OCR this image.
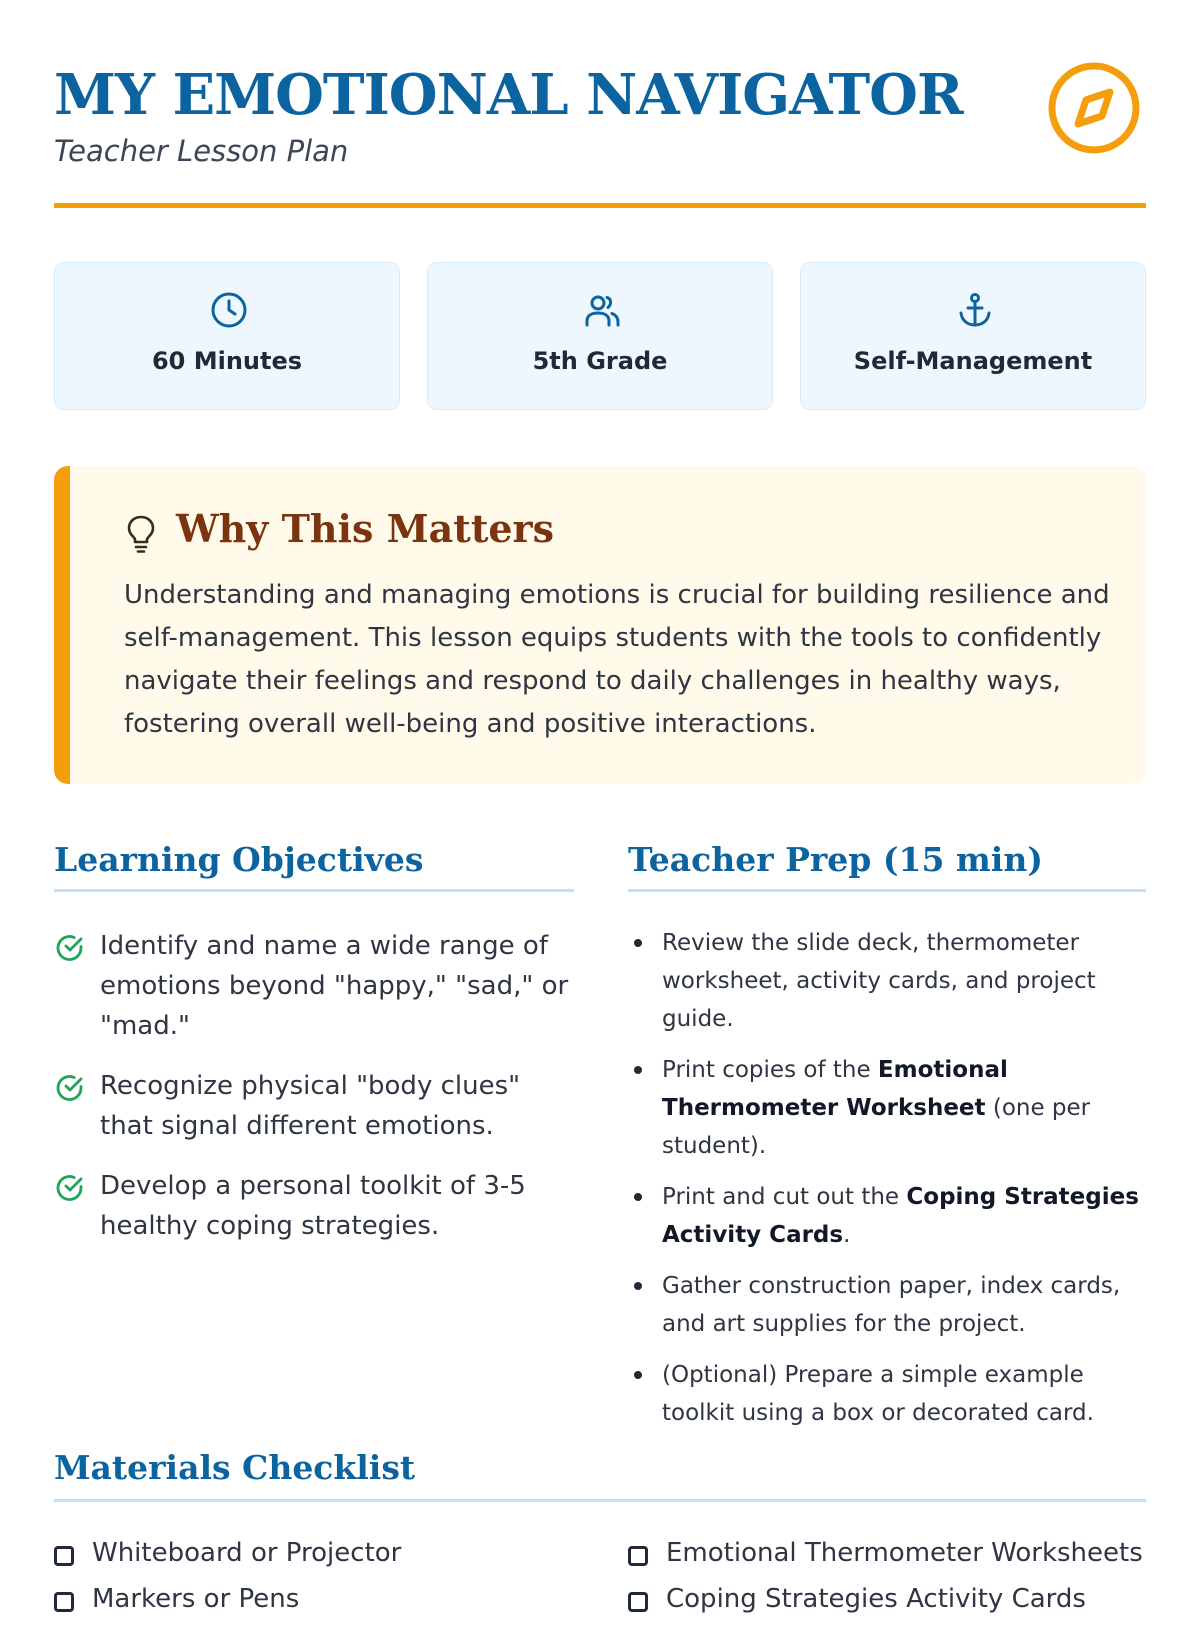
MY EMOTIONAL NAVIGATOR

Teacher Lesson Plan

60 Minutes	5th Grade	Self-Management
Why This Matters

Understanding and managing emotions is crucial for building resilience and self-management. This lesson equips students with the tools to confidently navigate their feelings and respond to daily challenges in healthy ways, fostering overall well-being and positive interactions.

Learning Objectives
Identify and name a wide range of emotions beyond "happy," "sad," or "mad."
Recognize physical "body clues" that signal different emotions.
Develop a personal toolkit of 3-5 healthy coping strategies.
Teacher Prep (15 min)
Review the slide deck, thermometer worksheet, activity cards, and project guide.
Print copies of the Emotional Thermometer Worksheet (one per student).
Print and cut out the Coping Strategies Activity Cards.
Gather construction paper, index cards, and art supplies for the project.
(Optional) Prepare a simple example toolkit using a box or decorated card.
Materials Checklist
Whiteboard or Projector	Emotional Thermometer Worksheets
Markers or Pens	Coping Strategies Activity Cards
